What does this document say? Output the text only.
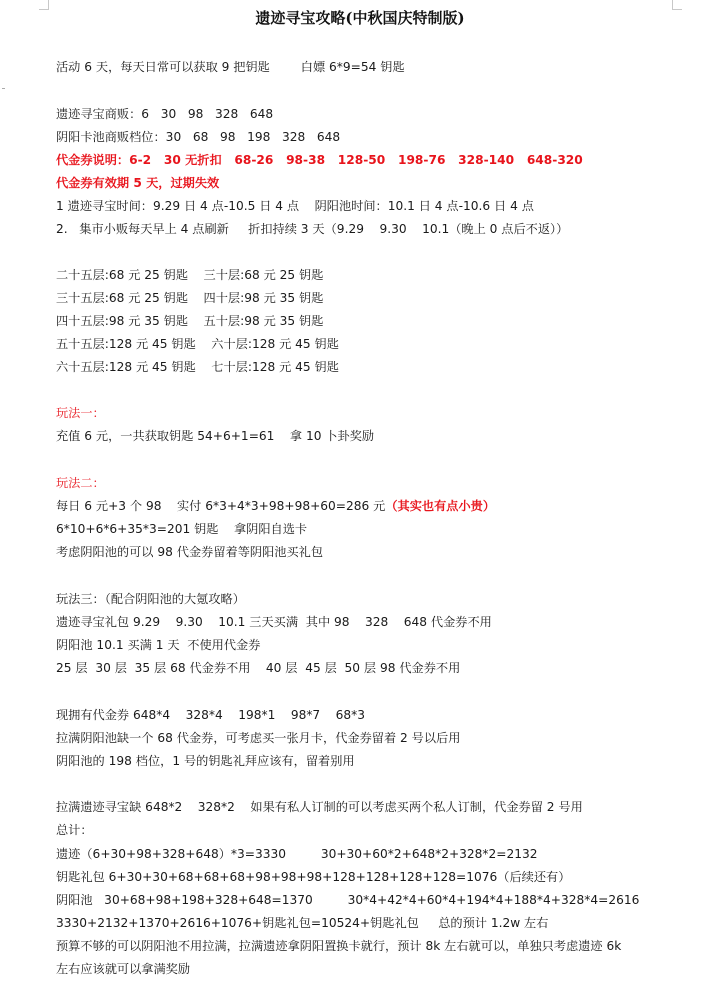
遗迹寻宝攻略(中秋国庆特制版)
活动 6 天，每天日常可以获取 9 把钥匙        白嫖 6*9=54 钥匙
遗迹寻宝商贩：6   30   98   328   648
阴阳卡池商贩档位：30   68   98   198   328   648
代金券说明：6-2   30 无折扣   68-26   98-38   128-50   198-76   328-140   648-320
代金券有效期 5 天，过期失效
1 遗迹寻宝时间：9.29 日 4 点-10.5 日 4 点    阴阳池时间：10.1 日 4 点-10.6 日 4 点
2.   集市小贩每天早上 4 点刷新     折扣持续 3 天（9.29    9.30    10.1（晚上 0 点后不返））
二十五层:68 元 25 钥匙    三十层:68 元 25 钥匙
三十五层:68 元 25 钥匙    四十层:98 元 35 钥匙
四十五层:98 元 35 钥匙    五十层:98 元 35 钥匙
五十五层:128 元 45 钥匙    六十层:128 元 45 钥匙
六十五层:128 元 45 钥匙    七十层:128 元 45 钥匙
玩法一：
充值 6 元，一共获取钥匙 54+6+1=61    拿 10 卜卦奖励
玩法二：
每日 6 元+3 个 98    实付 6*3+4*3+98+98+60=286 元（其实也有点小贵）
6*10+6*6+35*3=201 钥匙    拿阴阳自选卡
考虑阴阳池的可以 98 代金券留着等阴阳池买礼包
玩法三：（配合阴阳池的大氪攻略）
遗迹寻宝礼包 9.29    9.30    10.1 三天买满  其中 98    328    648 代金券不用
阴阳池 10.1 买满 1 天  不使用代金券
25 层  30 层  35 层 68 代金券不用    40 层  45 层  50 层 98 代金券不用
现拥有代金券 648*4    328*4    198*1    98*7    68*3
拉满阴阳池缺一个 68 代金券，可考虑买一张月卡，代金券留着 2 号以后用
阴阳池的 198 档位，1 号的钥匙礼拜应该有，留着别用
拉满遗迹寻宝缺 648*2    328*2    如果有私人订制的可以考虑买两个私人订制，代金券留 2 号用
总计：
遗迹（6+30+98+328+648）*3=3330         30+30+60*2+648*2+328*2=2132
钥匙礼包 6+30+30+68+68+68+98+98+98+128+128+128+128=1076（后续还有）
阴阳池   30+68+98+198+328+648=1370         30*4+42*4+60*4+194*4+188*4+328*4=2616
3330+2132+1370+2616+1076+钥匙礼包=10524+钥匙礼包     总的预计 1.2w 左右
预算不够的可以阴阳池不用拉满，拉满遗迹拿阴阳置换卡就行，预计 8k 左右就可以，单独只考虑遗迹 6k
左右应该就可以拿满奖励
